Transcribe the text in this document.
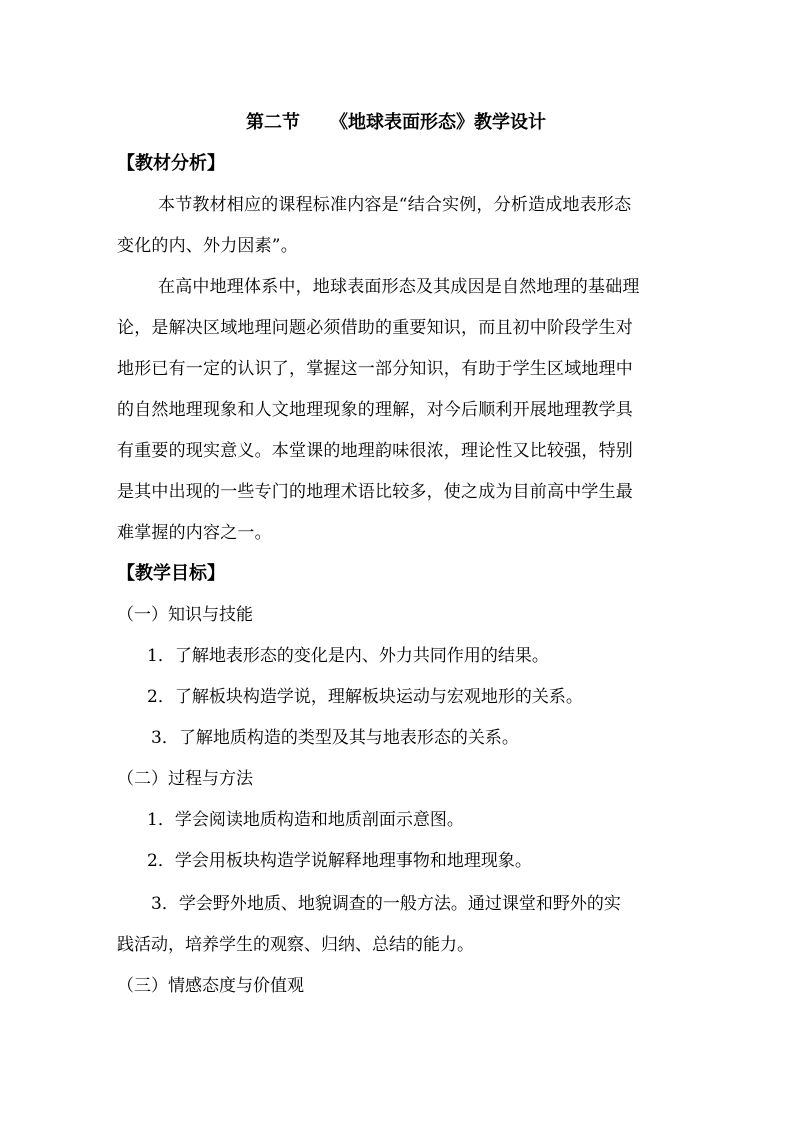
第二节 《地球表面形态》教学设计
【教材分析】
本节教材相应的课程标准内容是“结合实例，分析造成地表形态
变化的内、外力因素”。
在高中地理体系中，地球表面形态及其成因是自然地理的基础理
论，是解决区域地理问题必须借助的重要知识，而且初中阶段学生对
地形已有一定的认识了，掌握这一部分知识，有助于学生区域地理中
的自然地理现象和人文地理现象的理解，对今后顺利开展地理教学具
有重要的现实意义。本堂课的地理韵味很浓，理论性又比较强，特别
是其中出现的一些专门的地理术语比较多，使之成为目前高中学生最
难掌握的内容之一。
【教学目标】
（一）知识与技能
1．了解地表形态的变化是内、外力共同作用的结果。
2．了解板块构造学说，理解板块运动与宏观地形的关系。
3．了解地质构造的类型及其与地表形态的关系。
（二）过程与方法
1．学会阅读地质构造和地质剖面示意图。
2．学会用板块构造学说解释地理事物和地理现象。
3．学会野外地质、地貌调查的一般方法。通过课堂和野外的实
践活动，培养学生的观察、归纳、总结的能力。
（三）情感态度与价值观
